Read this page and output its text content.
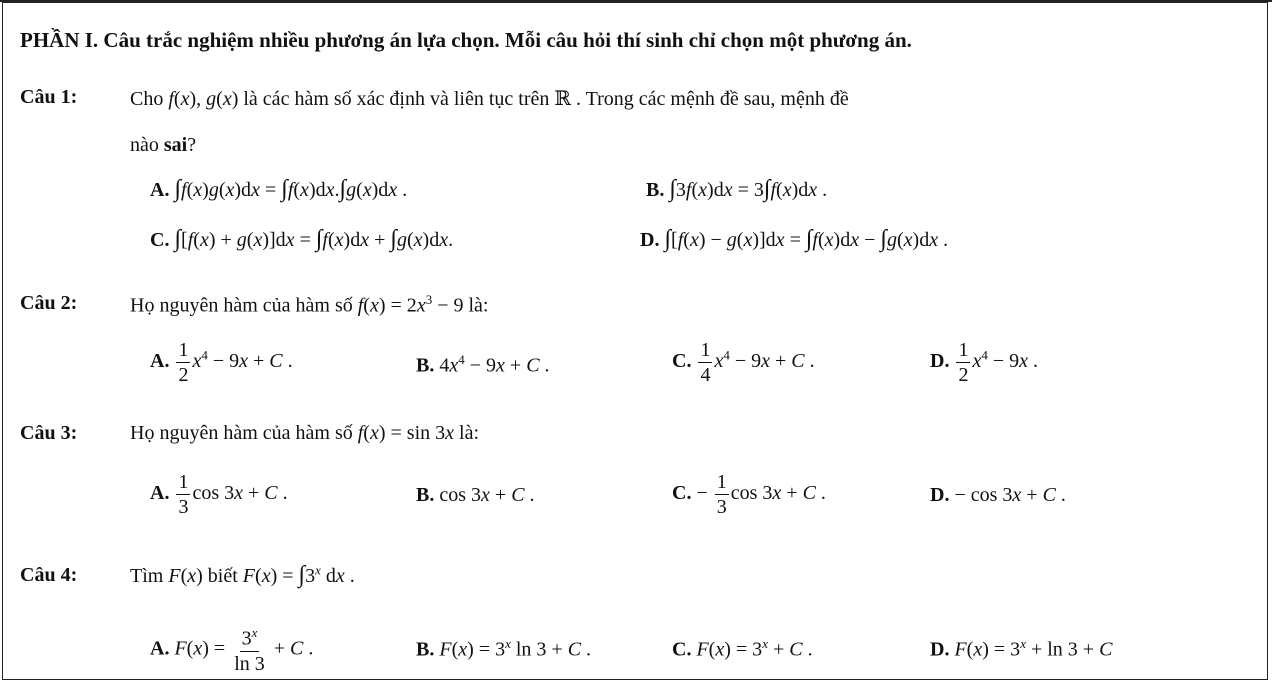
PHẦN I. Câu trắc nghiệm nhiều phương án lựa chọn. Mỗi câu hỏi thí sinh chỉ chọn một phương án.
Câu 1:	Cho f(x), g(x) là các hàm số xác định và liên tục trên ℝ . Trong các mệnh đề sau, mệnh đề
nào sai?
A. ∫f(x)g(x)dx = ∫f(x)dx.∫g(x)dx .	B. ∫3f(x)dx = 3∫f(x)dx .
C. ∫[f(x) + g(x)]dx = ∫f(x)dx + ∫g(x)dx.	D. ∫[f(x) − g(x)]dx = ∫f(x)dx − ∫g(x)dx .
Câu 2:	Họ nguyên hàm của hàm số $f(x) = 2x^3 - 9$ là:
A. $\frac{1}{2} x^4 - 9x + C$ .	B. $4x^4 - 9x + C$ .	C. $\frac{1}{4} x^4 - 9x + C$ .	D. $\frac{1}{2} x^4 - 9x$ .
Câu 3:	Họ nguyên hàm của hàm số f(x) = sin 3x là:
A. $\frac{1}{3}$ cos 3x + C .	B. cos 3x + C .	C. − $\frac{1}{3}$ cos 3x + C .	D. − cos 3x + C .
Câu 4:	Tìm F(x) biết $F(x) = \int 3^x$ dx .
A. $F(x) = \frac{3^x}{\ln 3} + C$ .	B. $F(x) = 3^x$ ln 3 + C .	C. $F(x) = 3^x + C$ .	D. $F(x) = 3^x + \ln 3 + C$
